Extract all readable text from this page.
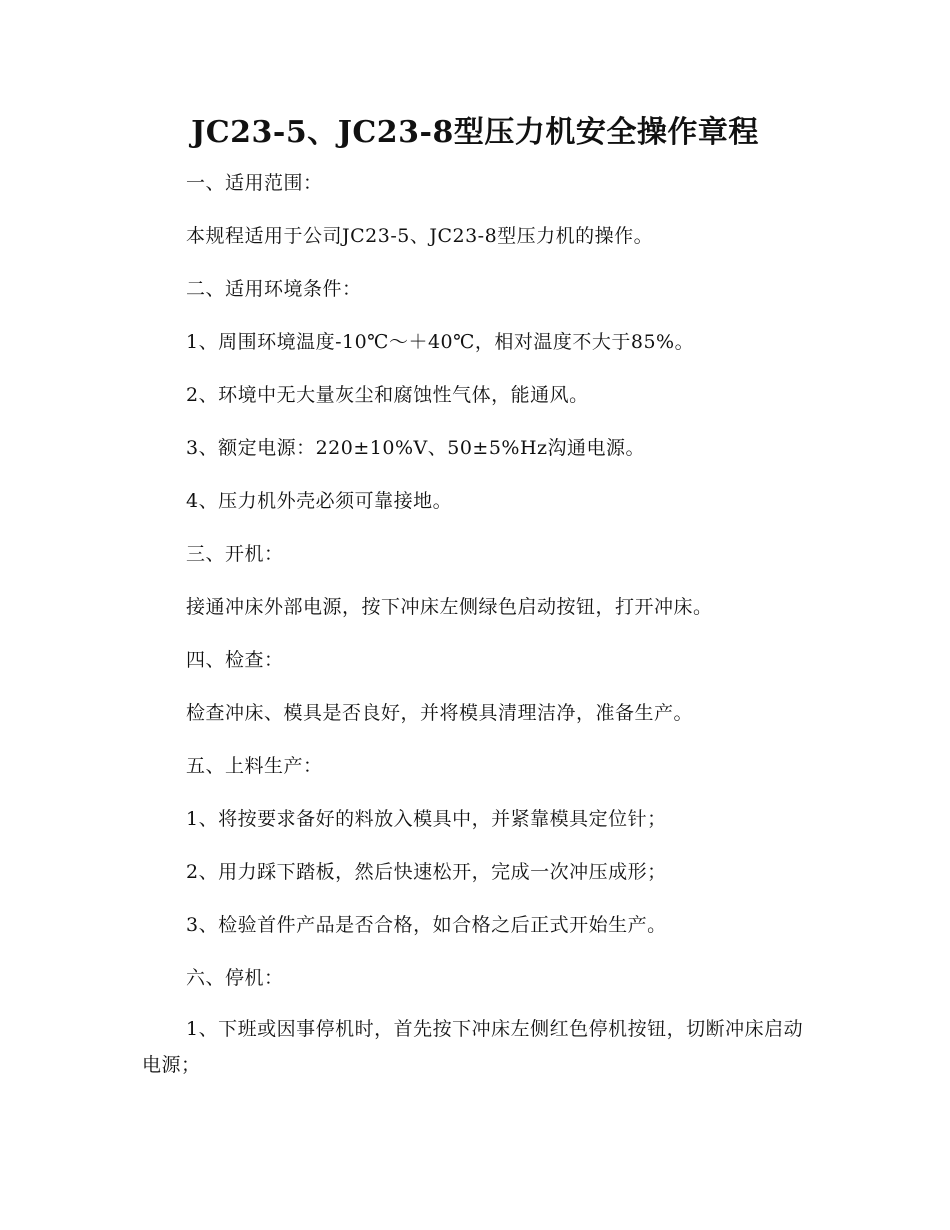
JC23-5、JC23-8型压力机安全操作章程

一、适用范围：

本规程适用于公司JC23-5、JC23-8型压力机的操作。

二、适用环境条件：

1、周围环境温度-10℃～＋40℃，相对温度不大于85%。

2、环境中无大量灰尘和腐蚀性气体，能通风。

3、额定电源：220±10%V、50±5%Hz沟通电源。

4、压力机外壳必须可靠接地。

三、开机：

接通冲床外部电源，按下冲床左侧绿色启动按钮，打开冲床。

四、检查：

检查冲床、模具是否良好，并将模具清理洁净，准备生产。

五、上料生产：

1、将按要求备好的料放入模具中，并紧靠模具定位针；

2、用力踩下踏板，然后快速松开，完成一次冲压成形；

3、检验首件产品是否合格，如合格之后正式开始生产。

六、停机：

1、下班或因事停机时，首先按下冲床左侧红色停机按钮，切断冲床启动电源；
